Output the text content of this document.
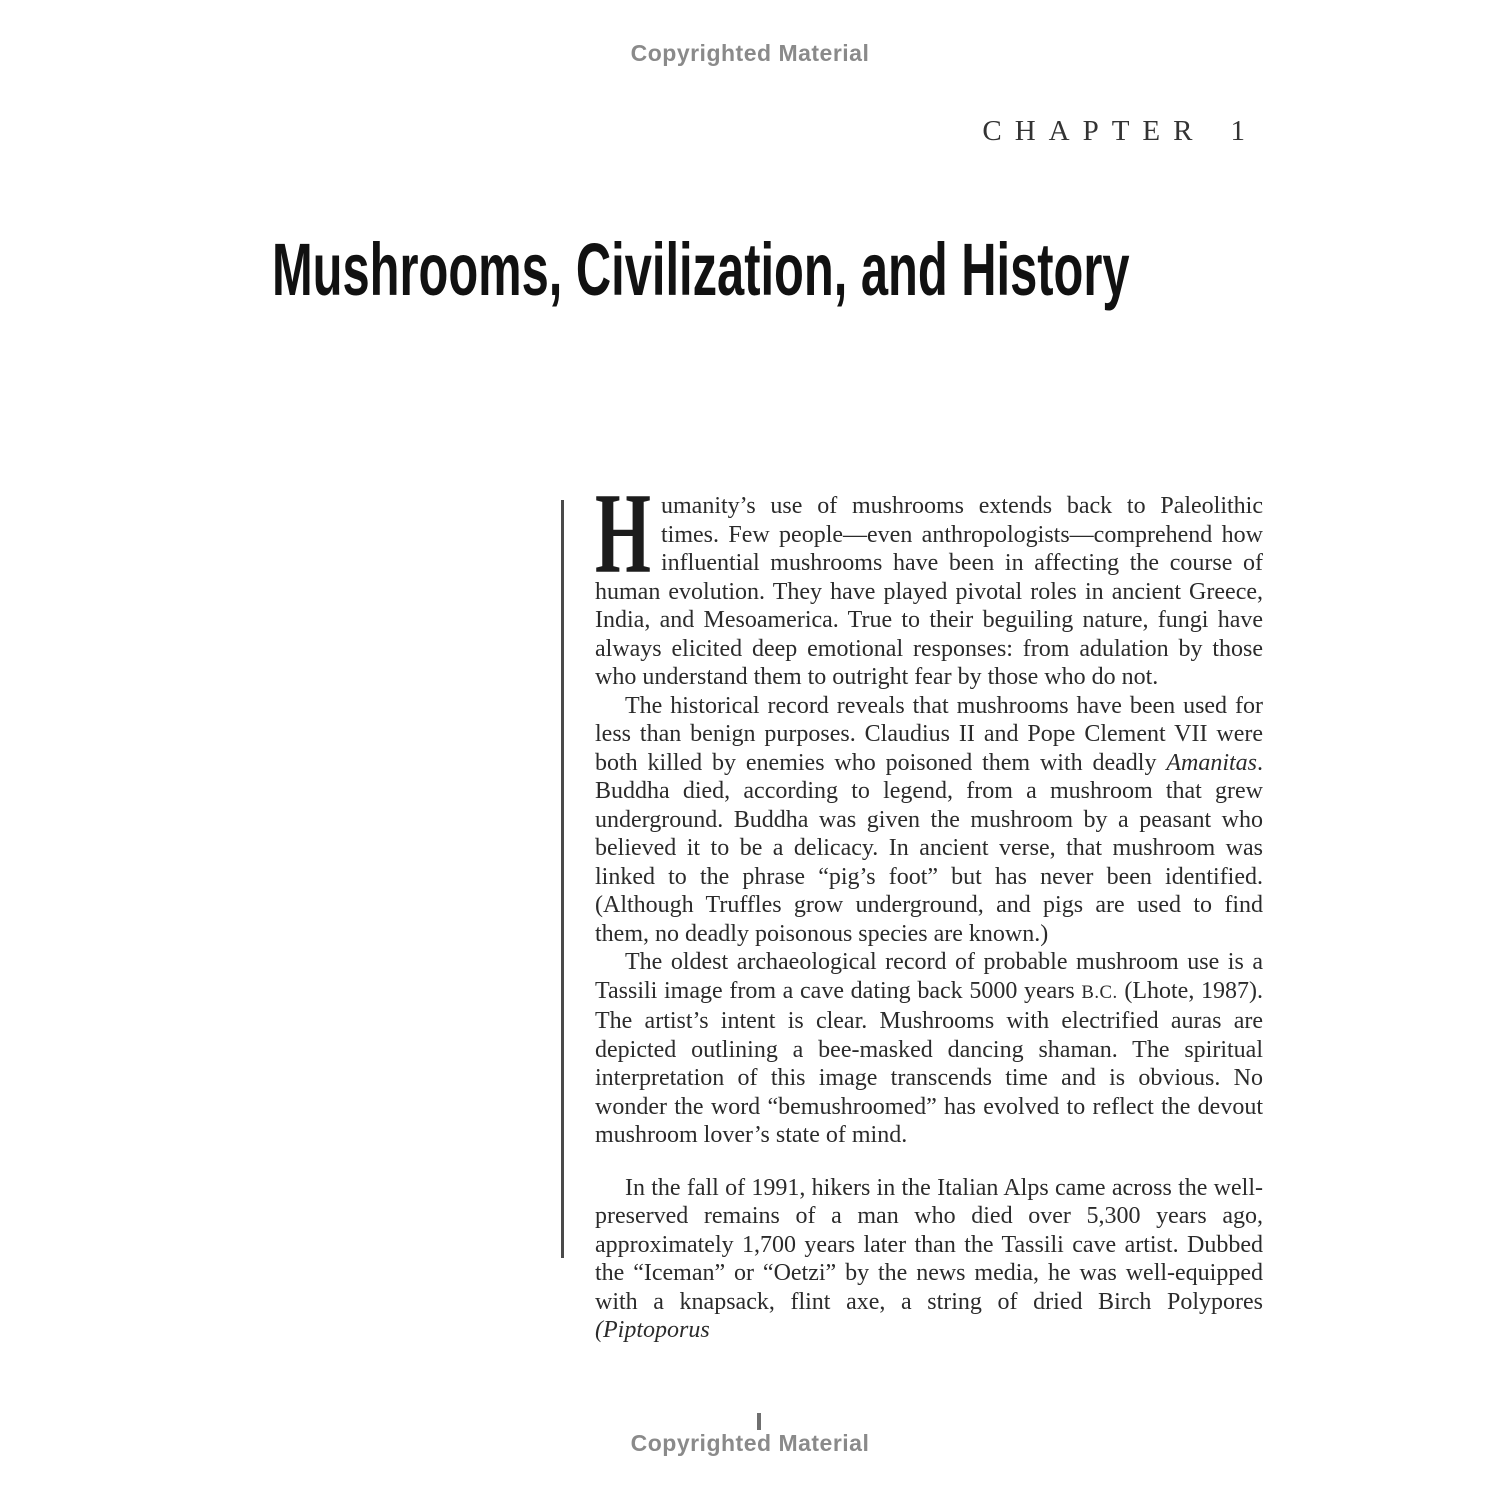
Copyrighted Material
CHAPTER 1
Mushrooms, Civilization, and History

Humanity’s use of mushrooms extends back to Paleolithic times. Few people—even anthropologists—comprehend how influential mushrooms have been in affecting the course of human evolution. They have played pivotal roles in ancient Greece, India, and Mesoamerica. True to their beguiling nature, fungi have always elicited deep emotional responses: from adulation by those who understand them to outright fear by those who do not.

The historical record reveals that mushrooms have been used for less than benign purposes. Claudius II and Pope Clement VII were both killed by enemies who poisoned them with deadly Amanitas. Buddha died, according to legend, from a mushroom that grew underground. Buddha was given the mushroom by a peasant who believed it to be a delicacy. In ancient verse, that mushroom was linked to the phrase “pig’s foot” but has never been identified. (Although Truffles grow underground, and pigs are used to find them, no deadly poisonous species are known.)

The oldest archaeological record of probable mushroom use is a Tassili image from a cave dating back 5000 years B.C. (Lhote, 1987). The artist’s intent is clear. Mushrooms with electrified auras are depicted outlining a bee-masked dancing shaman. The spiritual interpretation of this image transcends time and is obvious. No wonder the word “bemushroomed” has evolved to reflect the devout mushroom lover’s state of mind.

In the fall of 1991, hikers in the Italian Alps came across the well-preserved remains of a man who died over 5,300 years ago, approximately 1,700 years later than the Tassili cave artist. Dubbed the “Iceman” or “Oetzi” by the news media, he was well-equipped with a knapsack, flint axe, a string of dried Birch Polypores (Piptoporus

Copyrighted Material
